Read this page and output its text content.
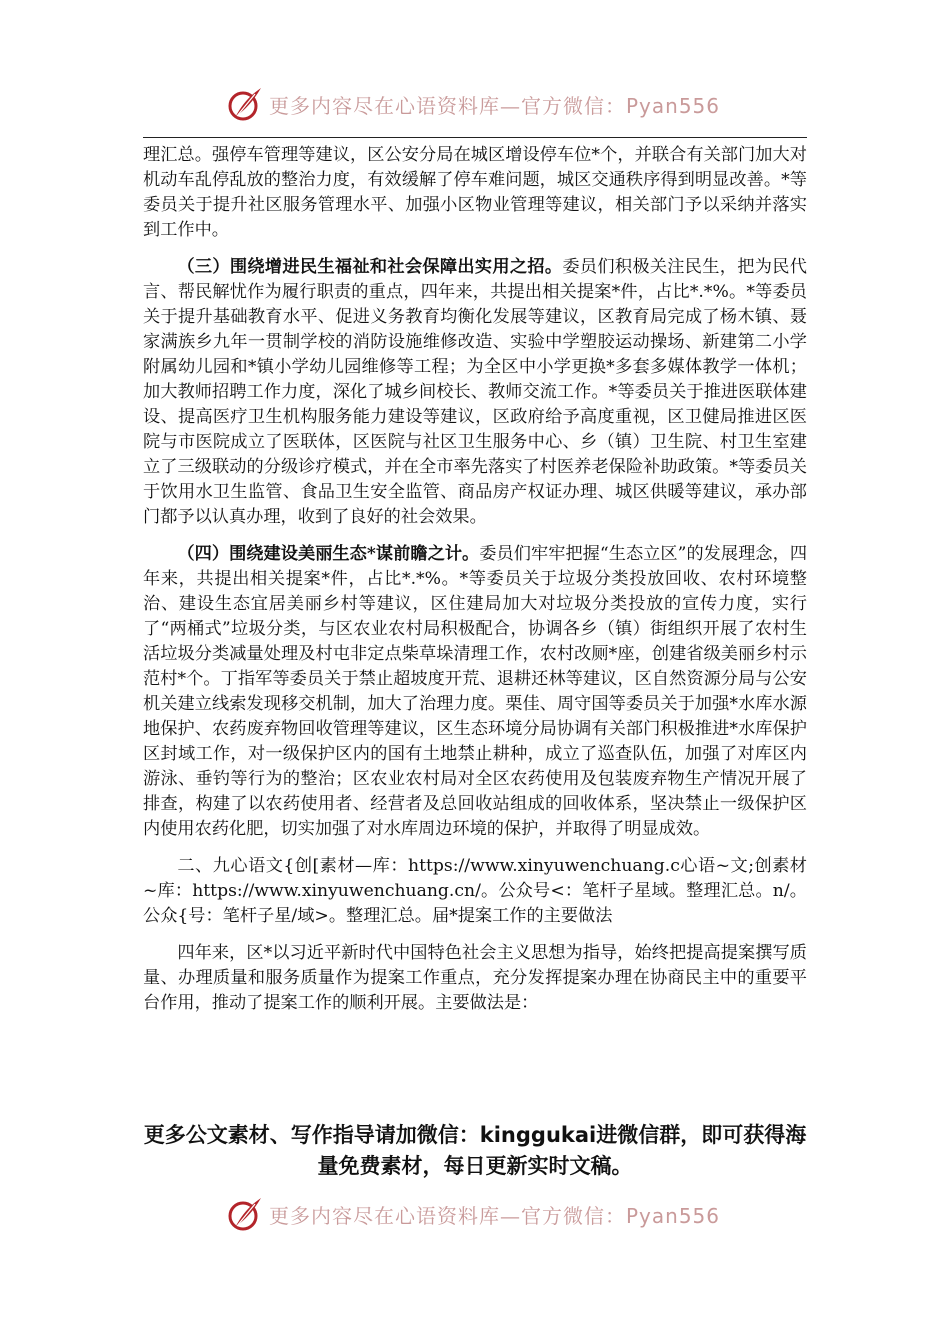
更多内容尽在心语资料库—官方微信：Pyan556

理汇总。强停车管理等建议，区公安分局在城区增设停车位*个，并联合有关部门加大对机动车乱停乱放的整治力度，有效缓解了停车难问题，城区交通秩序得到明显改善。*等委员关于提升社区服务管理水平、加强小区物业管理等建议，相关部门予以采纳并落实到工作中。

（三）围绕增进民生福祉和社会保障出实用之招。委员们积极关注民生，把为民代言、帮民解忧作为履行职责的重点，四年来，共提出相关提案*件，占比*.*%。*等委员关于提升基础教育水平、促进义务教育均衡化发展等建议，区教育局完成了杨木镇、聂家满族乡九年一贯制学校的消防设施维修改造、实验中学塑胶运动操场、新建第二小学附属幼儿园和*镇小学幼儿园维修等工程；为全区中小学更换*多套多媒体教学一体机；加大教师招聘工作力度，深化了城乡间校长、教师交流工作。*等委员关于推进医联体建设、提高医疗卫生机构服务能力建设等建议，区政府给予高度重视，区卫健局推进区医院与市医院成立了医联体，区医院与社区卫生服务中心、乡（镇）卫生院、村卫生室建立了三级联动的分级诊疗模式，并在全市率先落实了村医养老保险补助政策。*等委员关于饮用水卫生监管、食品卫生安全监管、商品房产权证办理、城区供暖等建议，承办部门都予以认真办理，收到了良好的社会效果。

（四）围绕建设美丽生态*谋前瞻之计。委员们牢牢把握“生态立区”的发展理念，四年来，共提出相关提案*件，占比*.*%。*等委员关于垃圾分类投放回收、农村环境整治、建设生态宜居美丽乡村等建议，区住建局加大对垃圾分类投放的宣传力度，实行了“两桶式”垃圾分类，与区农业农村局积极配合，协调各乡（镇）街组织开展了农村生活垃圾分类减量处理及村屯非定点柴草垛清理工作，农村改厕*座，创建省级美丽乡村示范村*个。丁指军等委员关于禁止超坡度开荒、退耕还林等建议，区自然资源分局与公安机关建立线索发现移交机制，加大了治理力度。栗佳、周守国等委员关于加强*水库水源地保护、农药废弃物回收管理等建议，区生态环境分局协调有关部门积极推进*水库保护区封域工作，对一级保护区内的国有土地禁止耕种，成立了巡查队伍，加强了对库区内游泳、垂钓等行为的整治；区农业农村局对全区农药使用及包装废弃物生产情况开展了排查，构建了以农药使用者、经营者及总回收站组成的回收体系，坚决禁止一级保护区内使用农药化肥，切实加强了对水库周边环境的保护，并取得了明显成效。

二、九心语文{创[素材—库：https://www.xinyuwenchuang.c心语~文;创素材~库：https://www.xinyuwenchuang.cn/。公众号<：笔杆子星域。整理汇总。n/。公众{号：笔杆子星/域>。整理汇总。届*提案工作的主要做法

四年来，区*以习近平新时代中国特色社会主义思想为指导，始终把提高提案撰写质量、办理质量和服务质量作为提案工作重点，充分发挥提案办理在协商民主中的重要平台作用，推动了提案工作的顺利开展。主要做法是：

更多公文素材、写作指导请加微信：kinggukai进微信群，即可获得海量免费素材，每日更新实时文稿。
更多内容尽在心语资料库—官方微信：Pyan556
